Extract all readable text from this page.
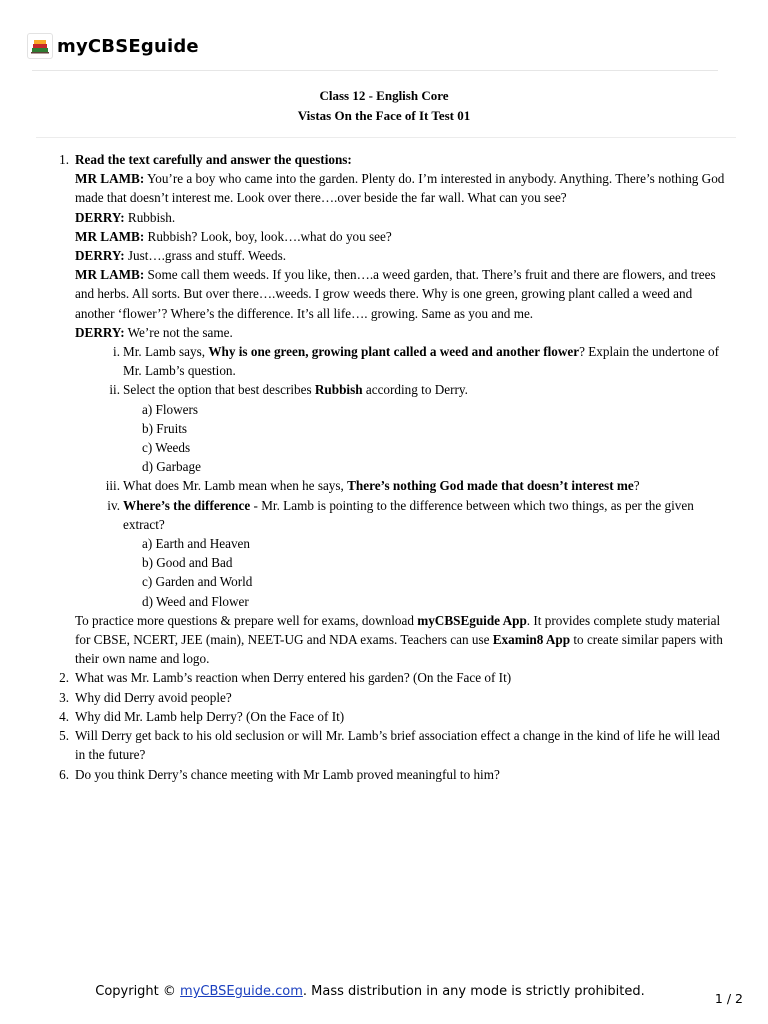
myCBSEguide
Class 12 - English Core
Vistas On the Face of It Test 01
1. Read the text carefully and answer the questions:

MR LAMB: You’re a boy who came into the garden. Plenty do. I’m interested in anybody. Anything. There’s nothing God made that doesn’t interest me. Look over there….over beside the far wall. What can you see?

DERRY: Rubbish.

MR LAMB: Rubbish? Look, boy, look….what do you see?

DERRY: Just….grass and stuff. Weeds.

MR LAMB: Some call them weeds. If you like, then….a weed garden, that. There’s fruit and there are flowers, and trees and herbs. All sorts. But over there….weeds. I grow weeds there. Why is one green, growing plant called a weed and another ‘flower’? Where’s the difference. It’s all life…. growing. Same as you and me.

DERRY: We’re not the same.

i. Mr. Lamb says, Why is one green, growing plant called a weed and another flower? Explain the undertone of Mr. Lamb’s question.
ii. Select the option that best describes Rubbish according to Derry.
a) Flowers
b) Fruits
c) Weeds
d) Garbage
iii. What does Mr. Lamb mean when he says, There’s nothing God made that doesn’t interest me?
iv. Where’s the difference - Mr. Lamb is pointing to the difference between which two things, as per the given extract?
a) Earth and Heaven
b) Good and Bad
c) Garden and World
d) Weed and Flower

To practice more questions & prepare well for exams, download myCBSEguide App. It provides complete study material for CBSE, NCERT, JEE (main), NEET-UG and NDA exams. Teachers can use Examin8 App to create similar papers with their own name and logo.

2. What was Mr. Lamb’s reaction when Derry entered his garden? (On the Face of It)
3. Why did Derry avoid people?
4. Why did Mr. Lamb help Derry? (On the Face of It)
5. Will Derry get back to his old seclusion or will Mr. Lamb’s brief association effect a change in the kind of life he will lead in the future?
6. Do you think Derry’s chance meeting with Mr Lamb proved meaningful to him?
Copyright © myCBSEguide.com. Mass distribution in any mode is strictly prohibited.	1 / 2
